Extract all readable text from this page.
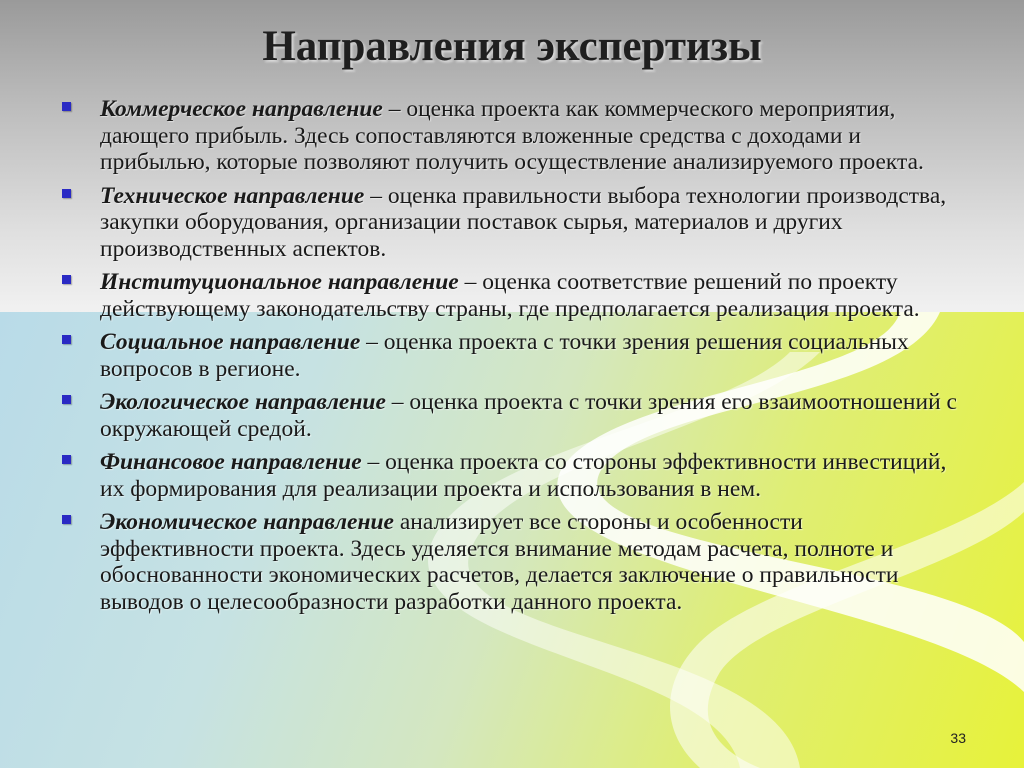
Направления экспертизы
Коммерческое направление – оценка проекта как коммерческого мероприятия, дающего прибыль. Здесь сопоставляются вложенные средства с доходами и прибылью, которые позволяют получить осуществление анализируемого проекта.
Техническое направление – оценка правильности выбора технологии производства, закупки оборудования, организации поставок сырья, материалов и других производственных аспектов.
Институциональное направление – оценка соответствие решений по проекту действующему законодательству страны, где предполагается реализация проекта.
Социальное направление – оценка проекта с точки зрения решения социальных вопросов в регионе.
Экологическое направление – оценка проекта с точки зрения его взаимоотношений с окружающей средой.
Финансовое направление – оценка проекта со стороны эффективности инвестиций, их формирования для реализации проекта и использования в нем.
Экономическое направление анализирует все стороны и особенности эффективности проекта. Здесь уделяется внимание методам расчета, полноте и обоснованности экономических расчетов, делается заключение о правильности выводов о целесообразности разработки данного проекта.
33
